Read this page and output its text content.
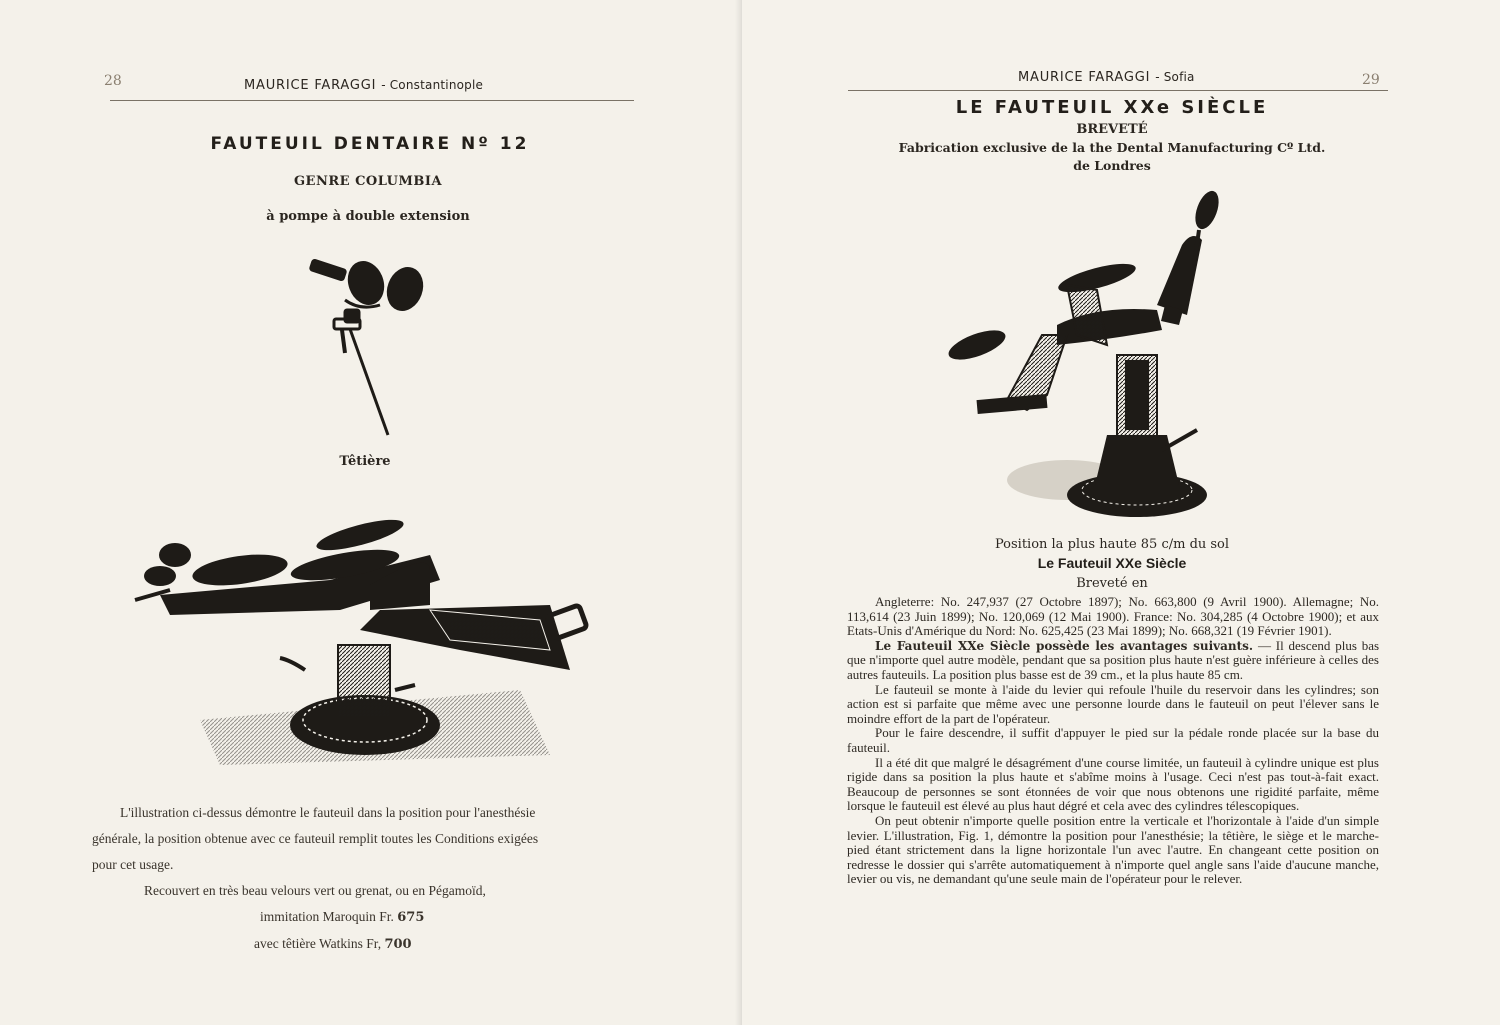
28	MAURICE FARAGGI - Constantinople
FAUTEUIL DENTAIRE Nº 12
GENRE COLUMBIA
à pompe à double extension
Têtière
L'illustration ci-dessus démontre le fauteuil dans la position pour l'anesthésie
générale, la position obtenue avec ce fauteuil remplit toutes les Conditions exigées
pour cet usage.
Recouvert en très beau velours vert ou grenat, ou en Pégamoïd,
immitation Maroquin Fr. 675
avec têtière Watkins Fr, 700
MAURICE FARAGGI - Sofia	29
LE FAUTEUIL XXe SIÈCLE
BREVETÉ
Fabrication exclusive de la the Dental Manufacturing Cº Ltd.
de Londres
Position la plus haute 85 c/m du sol
Le Fauteuil XXe Siècle
Breveté en

Angleterre: No. 247,937 (27 Octobre 1897); No. 663,800 (9 Avril 1900). Allemagne; No. 113,614 (23 Juin 1899); No. 120,069 (12 Mai 1900). France: No. 304,285 (4 Octobre 1900); et aux Etats-Unis d'Amérique du Nord: No. 625,425 (23 Mai 1899); No. 668,321 (19 Février 1901).

Le Fauteuil XXe Siècle possède les avantages suivants. — Il descend plus bas que n'importe quel autre modèle, pendant que sa position plus haute n'est guère inférieure à celles des autres fauteuils. La position plus basse est de 39 cm., et la plus haute 85 cm.

Le fauteuil se monte à l'aide du levier qui refoule l'huile du reservoir dans les cylindres; son action est si parfaite que même avec une personne lourde dans le fauteuil on peut l'élever sans le moindre effort de la part de l'opérateur.

Pour le faire descendre, il suffit d'appuyer le pied sur la pédale ronde placée sur la base du fauteuil.

Il a été dit que malgré le désagrément d'une course limitée, un fauteuil à cylindre unique est plus rigide dans sa position la plus haute et s'abîme moins à l'usage. Ceci n'est pas tout-à-fait exact. Beaucoup de personnes se sont étonnées de voir que nous obtenons une rigidité parfaite, même lorsque le fauteuil est élevé au plus haut dégré et cela avec des cylindres télescopiques.

On peut obtenir n'importe quelle position entre la verticale et l'horizontale à l'aide d'un simple levier. L'illustration, Fig. 1, démontre la position pour l'anesthésie; la têtière, le siège et le marche-pied étant strictement dans la ligne horizontale l'un avec l'autre. En changeant cette position on redresse le dossier qui s'arrête automatiquement à n'importe quel angle sans l'aide d'aucune manche, levier ou vis, ne demandant qu'une seule main de l'opérateur pour le relever.
